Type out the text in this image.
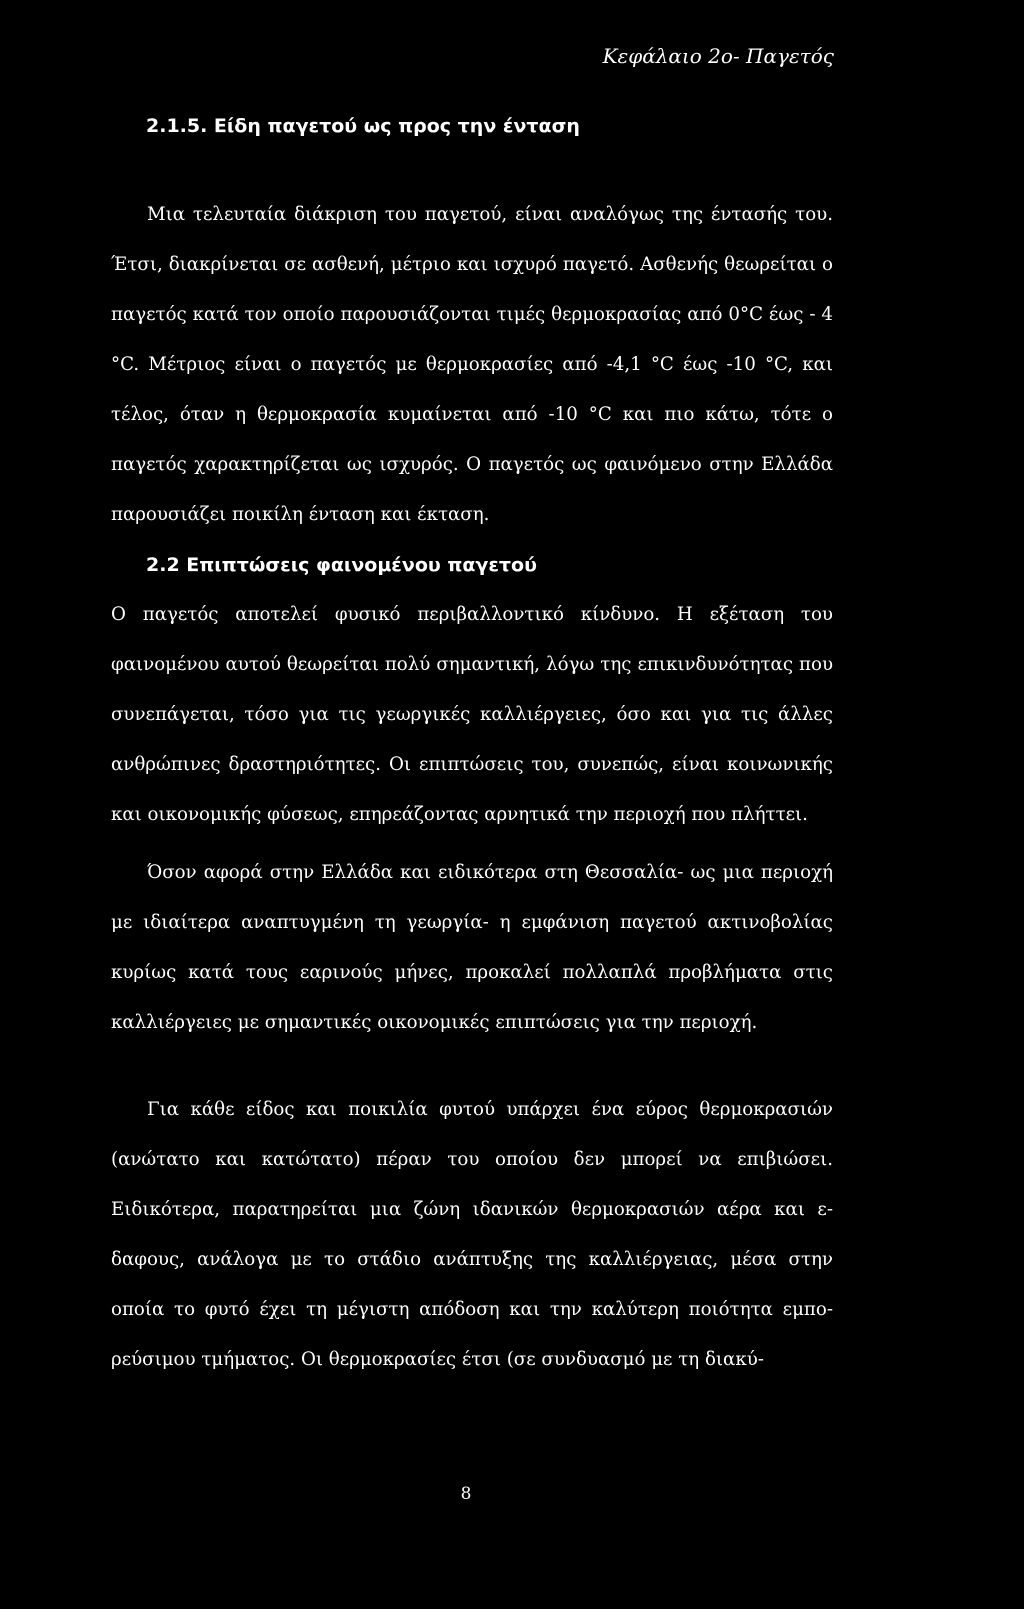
Κεφάλαιο 2ο- Παγετός
2.1.5. Είδη παγετού ως προς την ένταση

Μια τελευταία διάκριση του παγετού, είναι αναλόγως της έντασής του. Έτσι, διακρίνεται σε ασθενή, μέτριο και ισχυρό παγετό. Ασθενής θεωρείται ο παγετός κατά τον οποίο παρουσιάζονται τιμές θερμοκρασίας από 0°C έως - 4 °C. Μέτριος είναι ο παγετός με θερμοκρασίες από -4,1 °C έως -10 °C, και τέλος, όταν η θερμοκρασία κυμαίνεται από -10 °C και πιο κάτω, τότε ο παγετός χαρακτηρίζεται ως ισχυρός. Ο παγετός ως φαινόμενο στην Ελλάδα παρουσιάζει ποικίλη ένταση και έκταση.

2.2 Επιπτώσεις φαινομένου παγετού

Ο παγετός αποτελεί φυσικό περιβαλλοντικό κίνδυνο. Η εξέταση του φαινομένου αυτού θεωρείται πολύ σημαντική, λόγω της επικινδυνότητας που συνεπάγεται, τόσο για τις γεωργικές καλλιέργειες, όσο και για τις άλλες ανθρώπινες δραστηριότητες. Οι επιπτώσεις του, συνεπώς, είναι κοινωνικής και οικονομικής φύσεως, επηρεάζοντας αρνητικά την περιοχή που πλήττει.

Όσον αφορά στην Ελλάδα και ειδικότερα στη Θεσσαλία- ως μια περιοχή με ιδιαίτερα αναπτυγμένη τη γεωργία- η εμφάνιση παγετού ακτινοβολίας κυρίως κατά τους εαρινούς μήνες, προκαλεί πολλαπλά προβλήματα στις καλλιέργειες με σημαντικές οικονομικές επιπτώσεις για την περιοχή.

Για κάθε είδος και ποικιλία φυτού υπάρχει ένα εύρος θερμοκρασιών (ανώτατο και κατώτατο) πέραν του οποίου δεν μπορεί να επιβιώσει. Ειδικότερα, παρατηρείται μια ζώνη ιδανικών θερμοκρασιών αέρα και εδαφους, ανάλογα με το στάδιο ανάπτυξης της καλλιέργειας, μέσα στην οποία το φυτό έχει τη μέγιστη απόδοση και την καλύτερη ποιότητα εμπορεύσιμου τμήματος. Οι θερμοκρασίες έτσι (σε συνδυασμό με τη διακύ-

8
